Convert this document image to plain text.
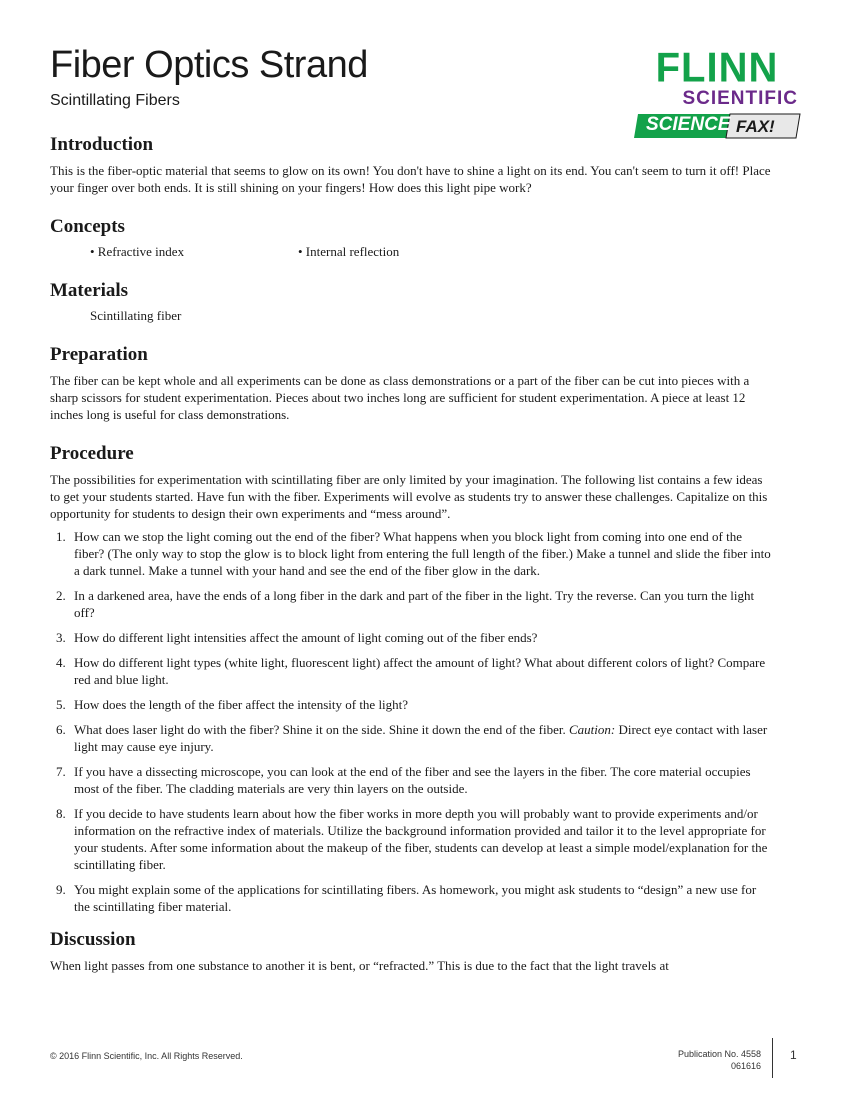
Fiber Optics Strand
Scintillating Fibers
FLINN
SCIENTIFIC
SCIENCE FAX!
Introduction

This is the fiber-optic material that seems to glow on its own! You don't have to shine a light on its end. You can't seem to turn it off! Place your finger over both ends. It is still shining on your fingers! How does this light pipe work?

Concepts
• Refractive index	• Internal reflection
Materials
Scintillating fiber
Preparation

The fiber can be kept whole and all experiments can be done as class demonstrations or a part of the fiber can be cut into pieces with a sharp scissors for student experimentation. Pieces about two inches long are sufficient for student experimentation. A piece at least 12 inches long is useful for class demonstrations.

Procedure

The possibilities for experimentation with scintillating fiber are only limited by your imagination. The following list contains a few ideas to get your students started. Have fun with the fiber. Experiments will evolve as students try to answer these challenges. Capitalize on this opportunity for students to design their own experiments and “mess around”.

1. How can we stop the light coming out the end of the fiber? What happens when you block light from coming into one end of the fiber? (The only way to stop the glow is to block light from entering the full length of the fiber.) Make a tunnel and slide the fiber into a dark tunnel. Make a tunnel with your hand and see the end of the fiber glow in the dark.
2. In a darkened area, have the ends of a long fiber in the dark and part of the fiber in the light. Try the reverse. Can you turn the light off?
3. How do different light intensities affect the amount of light coming out of the fiber ends?
4. How do different light types (white light, fluorescent light) affect the amount of light? What about different colors of light? Compare red and blue light.
5. How does the length of the fiber affect the intensity of the light?
6. What does laser light do with the fiber? Shine it on the side. Shine it down the end of the fiber. Caution: Direct eye contact with laser light may cause eye injury.
7. If you have a dissecting microscope, you can look at the end of the fiber and see the layers in the fiber. The core material occupies most of the fiber. The cladding materials are very thin layers on the outside.
8. If you decide to have students learn about how the fiber works in more depth you will probably want to provide experiments and/or information on the refractive index of materials. Utilize the background information provided and tailor it to the level appropriate for your students. After some information about the makeup of the fiber, students can develop at least a simple model/explanation for the scintillating fiber.
9. You might explain some of the applications for scintillating fibers. As homework, you might ask students to “design” a new use for the scintillating fiber material.
Discussion

When light passes from one substance to another it is bent, or “refracted.” This is due to the fact that the light travels at

© 2016 Flinn Scientific, Inc. All Rights Reserved.	Publication No. 4558
061616
1
